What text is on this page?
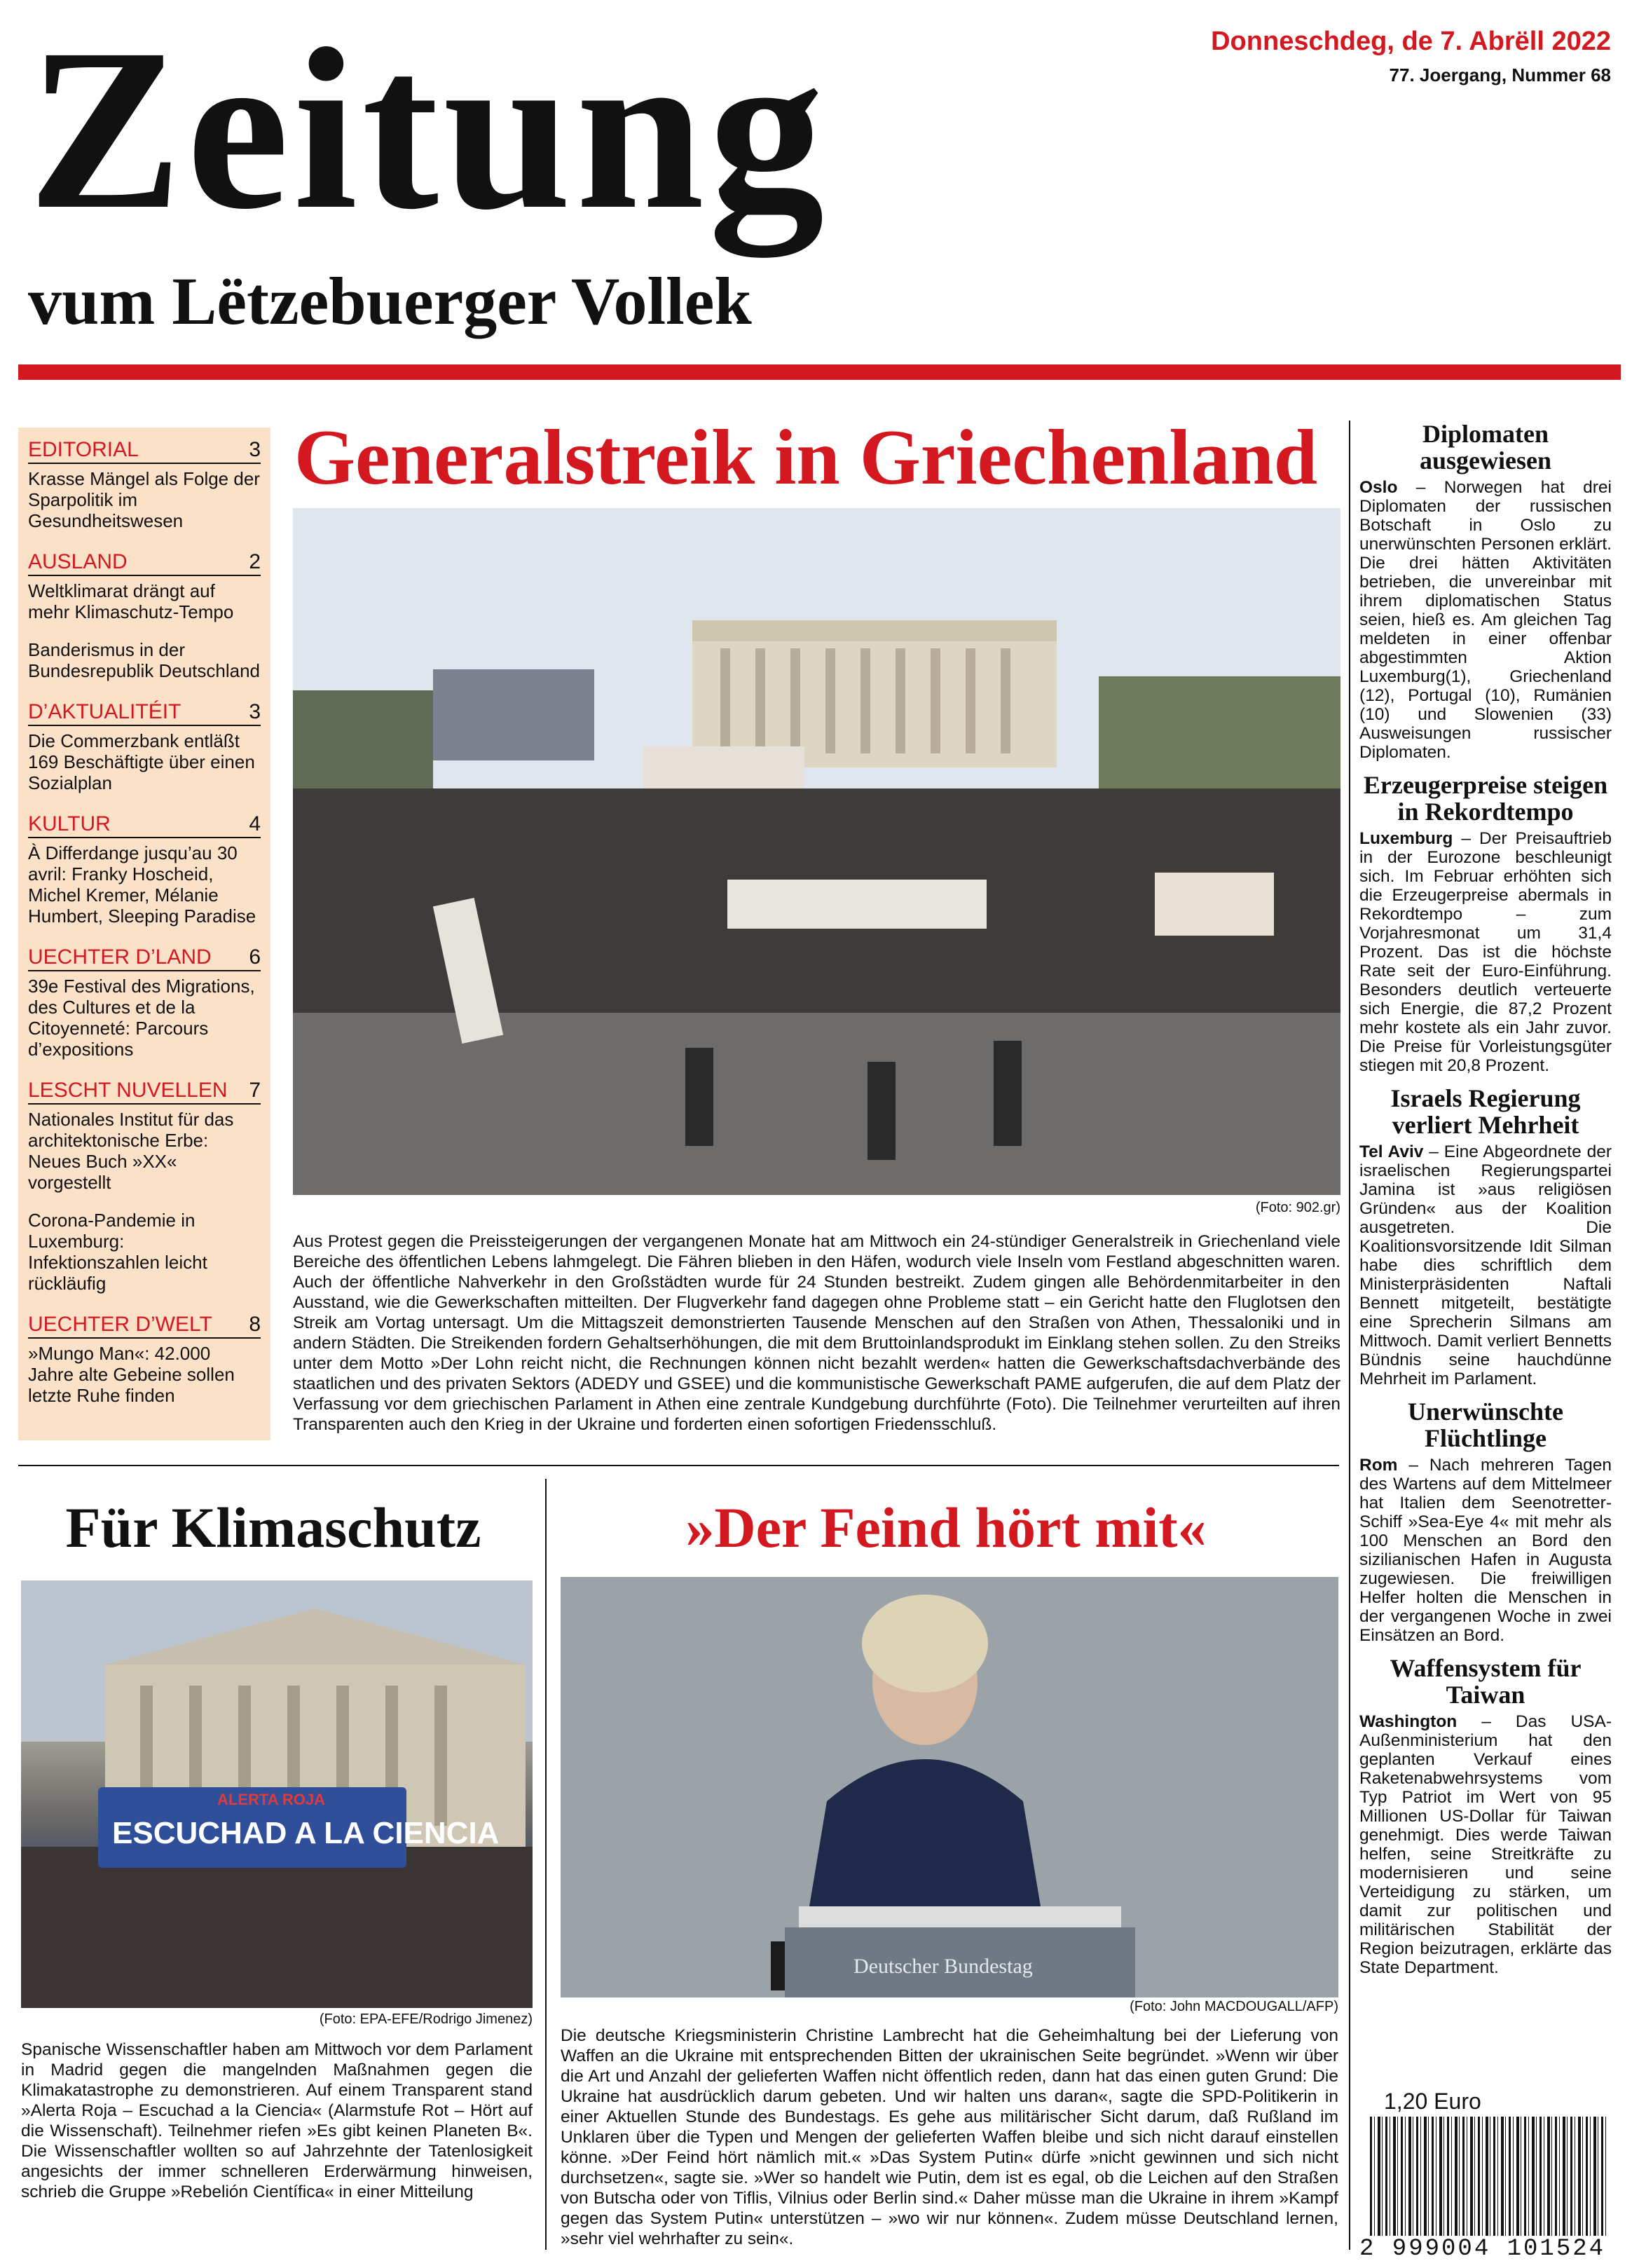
Zeitung
vum Lëtzebuerger Vollek
Donneschdeg, de 7. Abrëll 2022
77. Joergang, Nummer 68
EDITORIAL	3
Krasse Mängel als Folge der Sparpolitik im Gesundheitswesen
AUSLAND	2
Weltklimarat drängt auf mehr Klimaschutz-Tempo
Banderismus in der Bundesrepublik Deutschland
D’AKTUALITÉIT	3
Die Commerzbank entläßt 169 Beschäftigte über einen Sozialplan
KULTUR	4
À Differdange jusqu’au 30 avril: Franky Hoscheid, Michel Kremer, Mélanie Humbert, Sleeping Paradise
UECHTER D’LAND 6
39e Festival des Migrations, des Cultures et de la Citoyenneté: Parcours d’expositions
LESCHT NUVELLEN 7
Nationales Institut für das architektonische Erbe: Neues Buch »XX« vorgestellt
Corona-Pandemie in Luxemburg: Infektionszahlen leicht rückläufig
UECHTER D’WELT 8
»Mungo Man«: 42.000 Jahre alte Gebeine sollen letzte Ruhe finden
Generalstreik in Griechenland
(Foto: 902.gr)
Aus Protest gegen die Preissteigerungen der vergangenen Monate hat am Mittwoch ein 24-stündiger Generalstreik in Griechenland viele Bereiche des öffentlichen Lebens lahmgelegt. Die Fähren blieben in den Häfen, wodurch viele Inseln vom Festland abgeschnitten waren. Auch der öffentliche Nahverkehr in den Großstädten wurde für 24 Stunden bestreikt. Zudem gingen alle Behördenmitarbeiter in den Ausstand, wie die Gewerkschaften mitteilten. Der Flugverkehr fand dagegen ohne Probleme statt – ein Gericht hatte den Fluglotsen den Streik am Vortag untersagt. Um die Mittagszeit demonstrierten Tausende Menschen auf den Straßen von Athen, Thessaloniki und in andern Städten. Die Streikenden fordern Gehaltserhöhungen, die mit dem Bruttoinlandsprodukt im Einklang stehen sollen. Zu den Streiks unter dem Motto »Der Lohn reicht nicht, die Rechnungen können nicht bezahlt werden« hatten die Gewerkschaftsdachverbände des staatlichen und des privaten Sektors (ADEDY und GSEE) und die kommunistische Gewerkschaft PAME aufgerufen, die auf dem Platz der Verfassung vor dem griechischen Parlament in Athen eine zentrale Kundgebung durchführte (Foto). Die Teilnehmer verurteilten auf ihren Transparenten auch den Krieg in der Ukraine und forderten einen sofortigen Friedensschluß.
Diplomaten ausgewiesen
Oslo – Norwegen hat drei Diplomaten der russischen Botschaft in Oslo zu unerwünschten Personen erklärt. Die drei hätten Aktivitäten betrieben, die unvereinbar mit ihrem diplomatischen Status seien, hieß es. Am gleichen Tag meldeten in einer offenbar abgestimmten Aktion Luxemburg(1), Griechenland (12), Portugal (10), Rumänien (10) und Slowenien (33) Ausweisungen russischer Diplomaten.
Erzeugerpreise steigen in Rekordtempo
Luxemburg – Der Preisauftrieb in der Eurozone beschleunigt sich. Im Februar erhöhten sich die Erzeugerpreise abermals in Rekordtempo – zum Vorjahresmonat um 31,4 Prozent. Das ist die höchste Rate seit der Euro-Einführung. Besonders deutlich verteuerte sich Energie, die 87,2 Prozent mehr kostete als ein Jahr zuvor. Die Preise für Vorleistungsgüter stiegen mit 20,8 Prozent.
Israels Regierung verliert Mehrheit
Tel Aviv – Eine Abgeordnete der israelischen Regierungspartei Jamina ist »aus religiösen Gründen« aus der Koalition ausgetreten. Die Koalitionsvorsitzende Idit Silman habe dies schriftlich dem Ministerpräsidenten Naftali Bennett mitgeteilt, bestätigte eine Sprecherin Silmans am Mittwoch. Damit verliert Bennetts Bündnis seine hauchdünne Mehrheit im Parlament.
Unerwünschte Flüchtlinge
Rom – Nach mehreren Tagen des Wartens auf dem Mittelmeer hat Italien dem Seenotretter-Schiff »Sea-Eye 4« mit mehr als 100 Menschen an Bord den sizilianischen Hafen in Augusta zugewiesen. Die freiwilligen Helfer holten die Menschen in der vergangenen Woche in zwei Einsätzen an Bord.
Waffensystem für Taiwan
Washington – Das USA-Außenministerium hat den geplanten Verkauf eines Raketenabwehrsystems vom Typ Patriot im Wert von 95 Millionen US-Dollar für Taiwan genehmigt. Dies werde Taiwan helfen, seine Streitkräfte zu modernisieren und seine Verteidigung zu stärken, um damit zur politischen und militärischen Stabilität der Region beizutragen, erklärte das State Department.
1,20 Euro
2 999004 101524
Für Klimaschutz
ALERTA ROJA
ESCUCHAD A LA CIENCIA
(Foto: EPA-EFE/Rodrigo Jimenez)
Spanische Wissenschaftler haben am Mittwoch vor dem Parlament in Madrid gegen die mangelnden Maßnahmen gegen die Klimakatastrophe zu demonstrieren. Auf einem Transparent stand »Alerta Roja – Escuchad a la Ciencia« (Alarmstufe Rot – Hört auf die Wissenschaft). Teilnehmer riefen »Es gibt keinen Planeten B«. Die Wissenschaftler wollten so auf Jahrzehnte der Tatenlosigkeit angesichts der immer schnelleren Erderwärmung hinweisen, schrieb die Gruppe »Rebelión Científica« in einer Mitteilung
»Der Feind hört mit«
Deutscher Bundestag
(Foto: John MACDOUGALL/AFP)
Die deutsche Kriegsministerin Christine Lambrecht hat die Geheimhaltung bei der Lieferung von Waffen an die Ukraine mit entsprechenden Bitten der ukrainischen Seite begründet. »Wenn wir über die Art und Anzahl der gelieferten Waffen nicht öffentlich reden, dann hat das einen guten Grund: Die Ukraine hat ausdrücklich darum gebeten. Und wir halten uns daran«, sagte die SPD-Politikerin in einer Aktuellen Stunde des Bundestags. Es gehe aus militärischer Sicht darum, daß Rußland im Unklaren über die Typen und Mengen der gelieferten Waffen bleibe und sich nicht darauf einstellen könne. »Der Feind hört nämlich mit.« »Das System Putin« dürfe »nicht gewinnen und sich nicht durchsetzen«, sagte sie. »Wer so handelt wie Putin, dem ist es egal, ob die Leichen auf den Straßen von Butscha oder von Tiflis, Vilnius oder Berlin sind.« Daher müsse man die Ukraine in ihrem »Kampf gegen das System Putin« unterstützen – »wo wir nur können«. Zudem müsse Deutschland lernen, »sehr viel wehrhafter zu sein«.
